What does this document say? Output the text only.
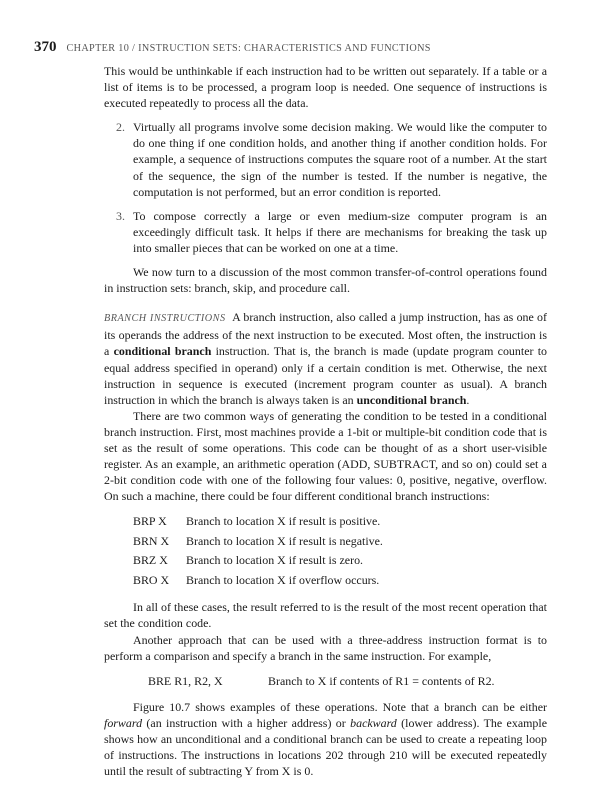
370 CHAPTER 10 / INSTRUCTION SETS: CHARACTERISTICS AND FUNCTIONS

This would be unthinkable if each instruction had to be written out separately. If a table or a list of items is to be processed, a program loop is needed. One sequence of instructions is executed repeatedly to process all the data.

2. Virtually all programs involve some decision making. We would like the computer to do one thing if one condition holds, and another thing if another condition holds. For example, a sequence of instructions computes the square root of a number. At the start of the sequence, the sign of the number is tested. If the number is negative, the computation is not performed, but an error condition is reported.
3. To compose correctly a large or even medium-size computer program is an exceedingly difficult task. It helps if there are mechanisms for breaking the task up into smaller pieces that can be worked on one at a time.

We now turn to a discussion of the most common transfer-of-control operations found in instruction sets: branch, skip, and procedure call.

BRANCH INSTRUCTIONS A branch instruction, also called a jump instruction, has as one of its operands the address of the next instruction to be executed. Most often, the instruction is a conditional branch instruction. That is, the branch is made (update program counter to equal address specified in operand) only if a certain condition is met. Otherwise, the next instruction in sequence is executed (increment program counter as usual). A branch instruction in which the branch is always taken is an unconditional branch.

There are two common ways of generating the condition to be tested in a conditional branch instruction. First, most machines provide a 1-bit or multiple-bit condition code that is set as the result of some operations. This code can be thought of as a short user-visible register. As an example, an arithmetic operation (ADD, SUBTRACT, and so on) could set a 2-bit condition code with one of the following four values: 0, positive, negative, overflow. On such a machine, there could be four different conditional branch instructions:

BRP X	Branch to location X if result is positive.
BRN X	Branch to location X if result is negative.
BRZ X	Branch to location X if result is zero.
BRO X	Branch to location X if overflow occurs.

In all of these cases, the result referred to is the result of the most recent operation that set the condition code.

Another approach that can be used with a three-address instruction format is to perform a comparison and specify a branch in the same instruction. For example,

BRE R1, R2, X	Branch to X if contents of R1 = contents of R2.

Figure 10.7 shows examples of these operations. Note that a branch can be either forward (an instruction with a higher address) or backward (lower address). The example shows how an unconditional and a conditional branch can be used to create a repeating loop of instructions. The instructions in locations 202 through 210 will be executed repeatedly until the result of subtracting Y from X is 0.
